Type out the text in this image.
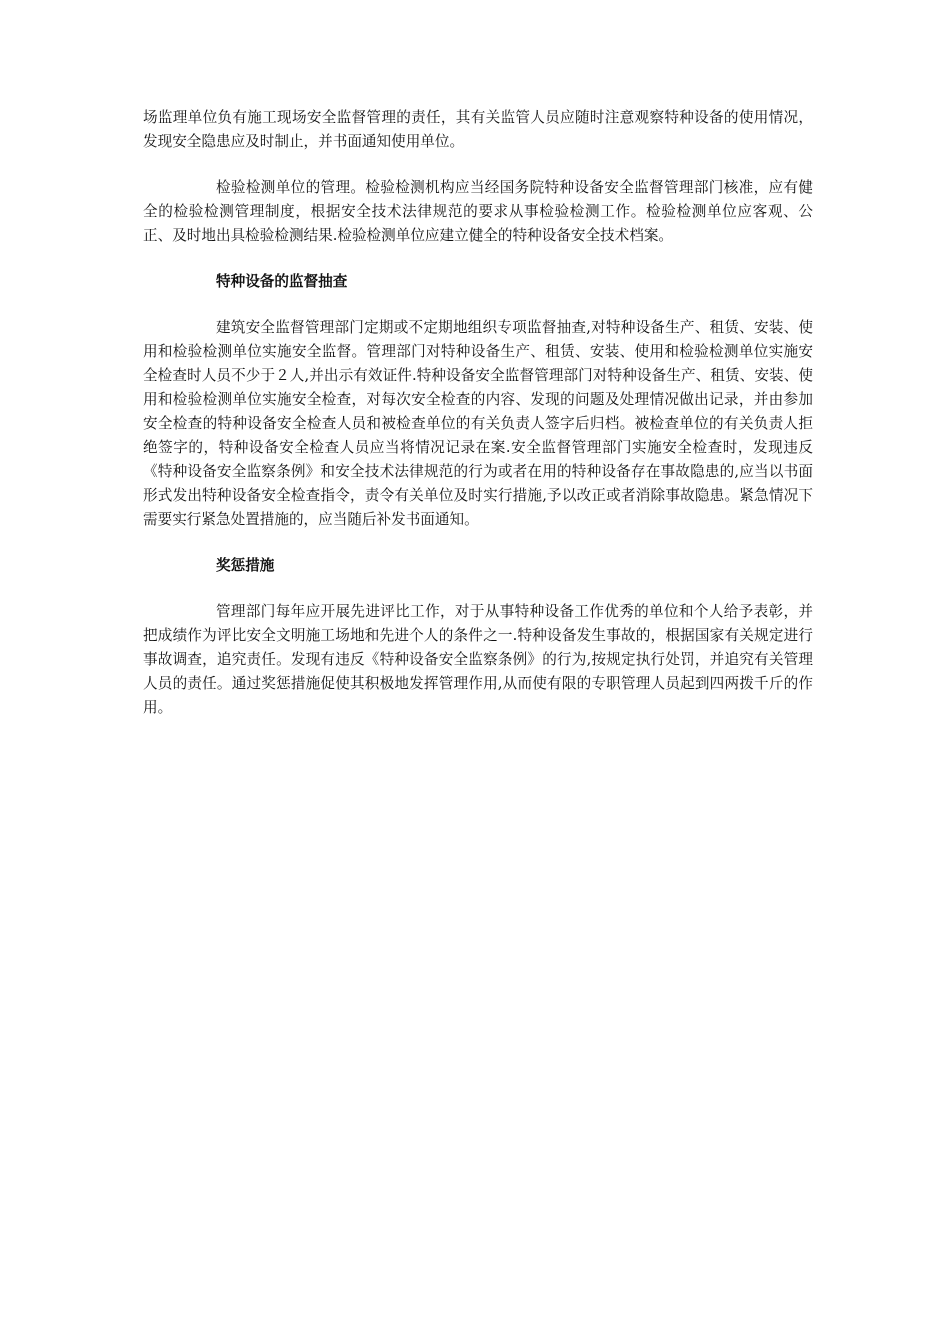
场监理单位负有施工现场安全监督管理的责任，其有关监管人员应随时注意观察特种设备的使用情况，发现安全隐患应及时制止，并书面通知使用单位。

检验检测单位的管理。检验检测机构应当经国务院特种设备安全监督管理部门核准，应有健全的检验检测管理制度，根据安全技术法律规范的要求从事检验检测工作。检验检测单位应客观、公正、及时地出具检验检测结果.检验检测单位应建立健全的特种设备安全技术档案。

特种设备的监督抽查

建筑安全监督管理部门定期或不定期地组织专项监督抽查,对特种设备生产、租赁、安装、使用和检验检测单位实施安全监督。管理部门对特种设备生产、租赁、安装、使用和检验检测单位实施安全检查时人员不少于２人,并出示有效证件.特种设备安全监督管理部门对特种设备生产、租赁、安装、使用和检验检测单位实施安全检查，对每次安全检查的内容、发现的问题及处理情况做出记录，并由参加安全检查的特种设备安全检查人员和被检查单位的有关负责人签字后归档。被检查单位的有关负责人拒绝签字的，特种设备安全检查人员应当将情况记录在案.安全监督管理部门实施安全检查时，发现违反《特种设备安全监察条例》和安全技术法律规范的行为或者在用的特种设备存在事故隐患的,应当以书面形式发出特种设备安全检查指令，责令有关单位及时实行措施,予以改正或者消除事故隐患。紧急情况下需要实行紧急处置措施的，应当随后补发书面通知。

奖惩措施

管理部门每年应开展先进评比工作，对于从事特种设备工作优秀的单位和个人给予表彰，并把成绩作为评比安全文明施工场地和先进个人的条件之一.特种设备发生事故的，根据国家有关规定进行事故调查，追究责任。发现有违反《特种设备安全监察条例》的行为,按规定执行处罚，并追究有关管理人员的责任。通过奖惩措施促使其积极地发挥管理作用,从而使有限的专职管理人员起到四两拨千斤的作用。
